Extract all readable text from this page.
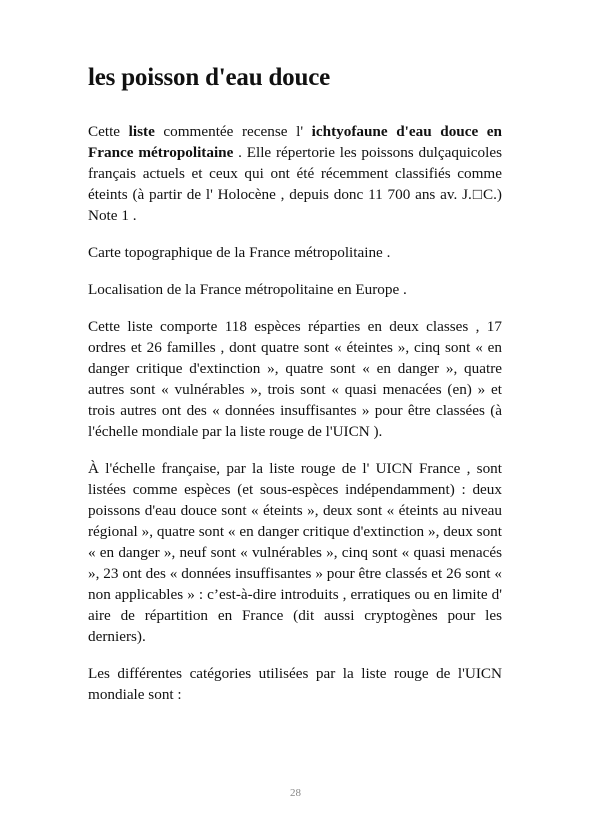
les poisson d'eau douce

Cette liste commentée recense l' ichtyofaune d'eau douce en France métropolitaine . Elle répertorie les poissons dulçaquicoles français actuels et ceux qui ont été récemment classifiés comme éteints (à partir de l' Holocène , depuis donc 11 700 ans av. J.□C.) Note 1 .

Carte topographique de la France métropolitaine .

Localisation de la France métropolitaine en Europe .

Cette liste comporte 118 espèces réparties en deux classes , 17 ordres et 26 familles , dont quatre sont « éteintes », cinq sont « en danger critique d'extinction », quatre sont « en danger », quatre autres sont « vulnérables », trois sont « quasi menacées (en) » et trois autres ont des « données insuffisantes » pour être classées (à l'échelle mondiale par la liste rouge de l'UICN ).

À l'échelle française, par la liste rouge de l' UICN France , sont listées comme espèces (et sous-espèces indépendamment) : deux poissons d'eau douce sont « éteints », deux sont « éteints au niveau régional », quatre sont « en danger critique d'extinction », deux sont « en danger », neuf sont « vulnérables », cinq sont « quasi menacés », 23 ont des « données insuffisantes » pour être classés et 26 sont « non applicables » : c’est-à-dire introduits , erratiques ou en limite d' aire de répartition en France (dit aussi cryptogènes pour les derniers).

Les différentes catégories utilisées par la liste rouge de l'UICN mondiale sont :

28
